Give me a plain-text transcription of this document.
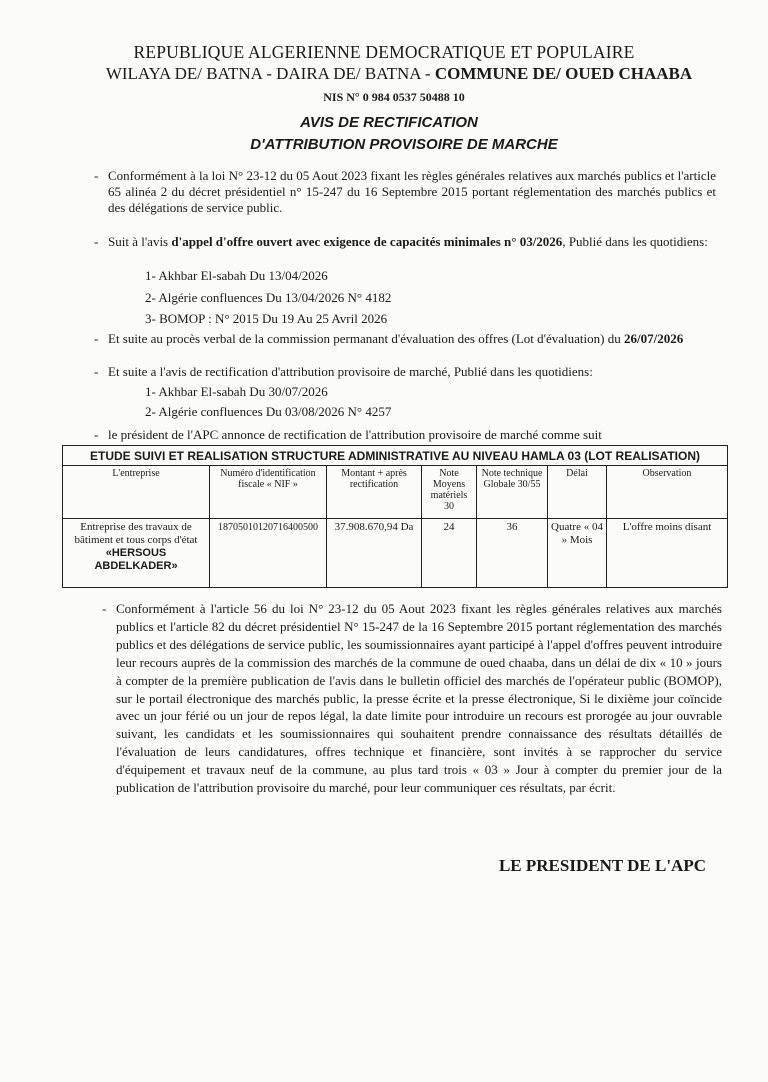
REPUBLIQUE ALGERIENNE DEMOCRATIQUE ET POPULAIRE
WILAYA DE/ BATNA - DAIRA DE/ BATNA - COMMUNE DE/ OUED CHAABA
NIS N° 0 984 0537 50488 10
AVIS DE RECTIFICATION
D'ATTRIBUTION PROVISOIRE DE MARCHE
- Conformément à la loi N° 23-12 du 05 Aout 2023 fixant les règles générales relatives aux marchés publics et l'article 65 alinéa 2 du décret présidentiel n° 15-247 du 16 Septembre 2015 portant réglementation des marchés publics et des délégations de service public.
- Suit à l'avis d'appel d'offre ouvert avec exigence de capacités minimales n° 03/2026, Publié dans les quotidiens:
1- Akhbar El-sabah Du 13/04/2026
2- Algérie confluences Du 13/04/2026 N° 4182
3- BOMOP : N° 2015 Du 19 Au 25 Avril 2026
- Et suite au procès verbal de la commission permanant d'évaluation des offres (Lot d'évaluation) du 26/07/2026
- Et suite a l'avis de rectification d'attribution provisoire de marché, Publié dans les quotidiens:
1- Akhbar El-sabah Du 30/07/2026
2- Algérie confluences Du 03/08/2026 N° 4257
- le président de l'APC annonce de rectification de l'attribution provisoire de marché comme suit
ETUDE SUIVI ET REALISATION STRUCTURE ADMINISTRATIVE AU NIVEAU HAMLA 03 (LOT REALISATION)						
L'entreprise	Numéro d'identification fiscale « NIF »	Montant + après rectification	Note Moyens matériels 30	Note technique Globale 30/55	Délai	Observation
Entreprise des travaux de bâtiment et tous corps d'état «HERSOUS ABDELKADER»	187050101207164005​00	37.908.670,94 Da	24	36	Quatre « 04 » Mois	L'offre moins disant
- Conformément à l'article 56 du loi N° 23-12 du 05 Aout 2023 fixant les règles générales relatives aux marchés publics et l'article 82 du décret présidentiel N° 15-247 de la 16 Septembre 2015 portant réglementation des marchés publics et des délégations de service public, les soumissionnaires ayant participé à l'appel d'offres peuvent introduire leur recours auprès de la commission des marchés de la commune de oued chaaba, dans un délai de dix « 10 » jours à compter de la première publication de l'avis dans le bulletin officiel des marchés de l'opérateur public (BOMOP), sur le portail électronique des marchés public, la presse écrite et la presse électronique, Si le dixième jour coïncide avec un jour férié ou un jour de repos légal, la date limite pour introduire un recours est prorogée au jour ouvrable suivant, les candidats et les soumissionnaires qui souhaitent prendre connaissance des résultats détaillés de l'évaluation de leurs candidatures, offres technique et financière, sont invités à se rapprocher du service d'équipement et travaux neuf de la commune, au plus tard trois « 03 » Jour à compter du premier jour de la publication de l'attribution provisoire du marché, pour leur communiquer ces résultats, par écrit.
LE PRESIDENT DE L'APC
